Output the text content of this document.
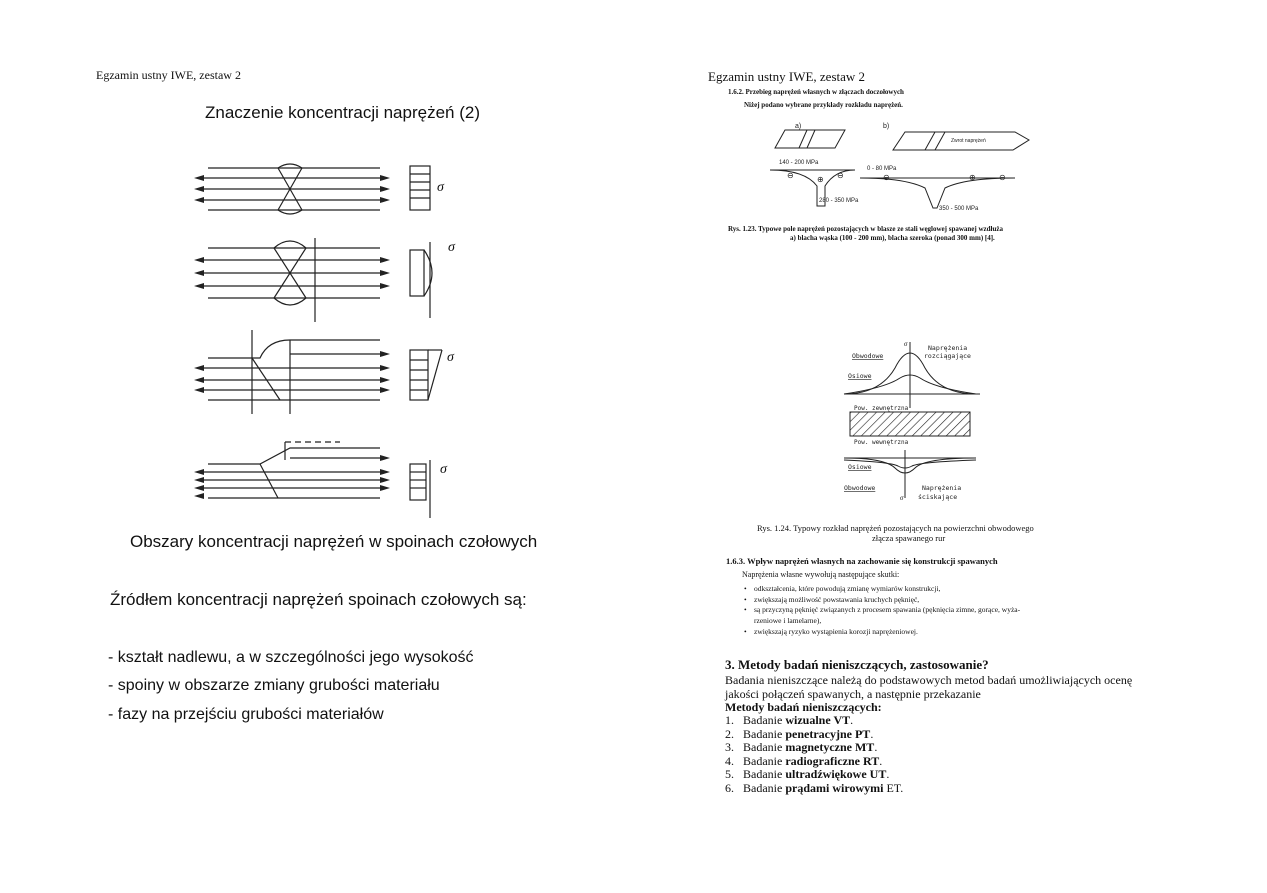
Egzamin ustny IWE, zestaw 2
Znaczenie koncentracji naprężeń (2)
σ
σ
σ
σ
Obszary koncentracji naprężeń w spoinach czołowych
Źródłem koncentracji naprężeń spoinach czołowych są:
- kształt nadlewu, a w szczególności jego wysokość
- spoiny w obszarze zmiany grubości materiału
- fazy na przejściu grubości materiałów
Egzamin ustny IWE, zestaw 2
1.6.2. Przebieg naprężeń własnych w złączach doczołowych
Niżej podano wybrane przykłady rozkładu naprężeń.
a)	b)
Zwrot naprężeń
140 - 200 MPa
0 - 80 MPa
280 - 350 MPa
350 - 500 MPa
⊖	⊖
⊕	⊖	⊕	⊖
Rys. 1.23. Typowe pole naprężeń pozostających w blasze ze stali węglowej spawanej wzdłuża
a) blacha wąska (100 - 200 mm), blacha szeroka (ponad 300 mm) [4].
σ	Naprężenia
rozciągające
Obwodowe
Osiowe
Pow. zewnętrzna
Pow. wewnętrzna
Osiowe
Obwodowe
σ
Naprężenia
ściskające
Rys. 1.24. Typowy rozkład naprężeń pozostających na powierzchni obwodowego
złącza spawanego rur
1.6.3. Wpływ naprężeń własnych na zachowanie się konstrukcji spawanych
Naprężenia własne wywołują następujące skutki:
• odkształcenia, które powodują zmianę wymiarów konstrukcji,
• zwiększają możliwość powstawania kruchych pęknięć,
• są przyczyną pęknięć związanych z procesem spawania (pęknięcia zimne, gorące, wyża-
rzeniowe i lamelarne),
• zwiększają ryzyko wystąpienia korozji naprężeniowej.
3. Metody badań nieniszczących, zastosowanie?
Badania nieniszczące należą do podstawowych metod badań umożliwiających ocenę
jakości połączeń spawanych, a następnie przekazanie
Metody badań nieniszczących:
1. Badanie wizualne VT.
2. Badanie penetracyjne PT.
3. Badanie magnetyczne MT.
4. Badanie radiograficzne RT.
5. Badanie ultradźwiękowe UT.
6. Badanie prądami wirowymi ET.
